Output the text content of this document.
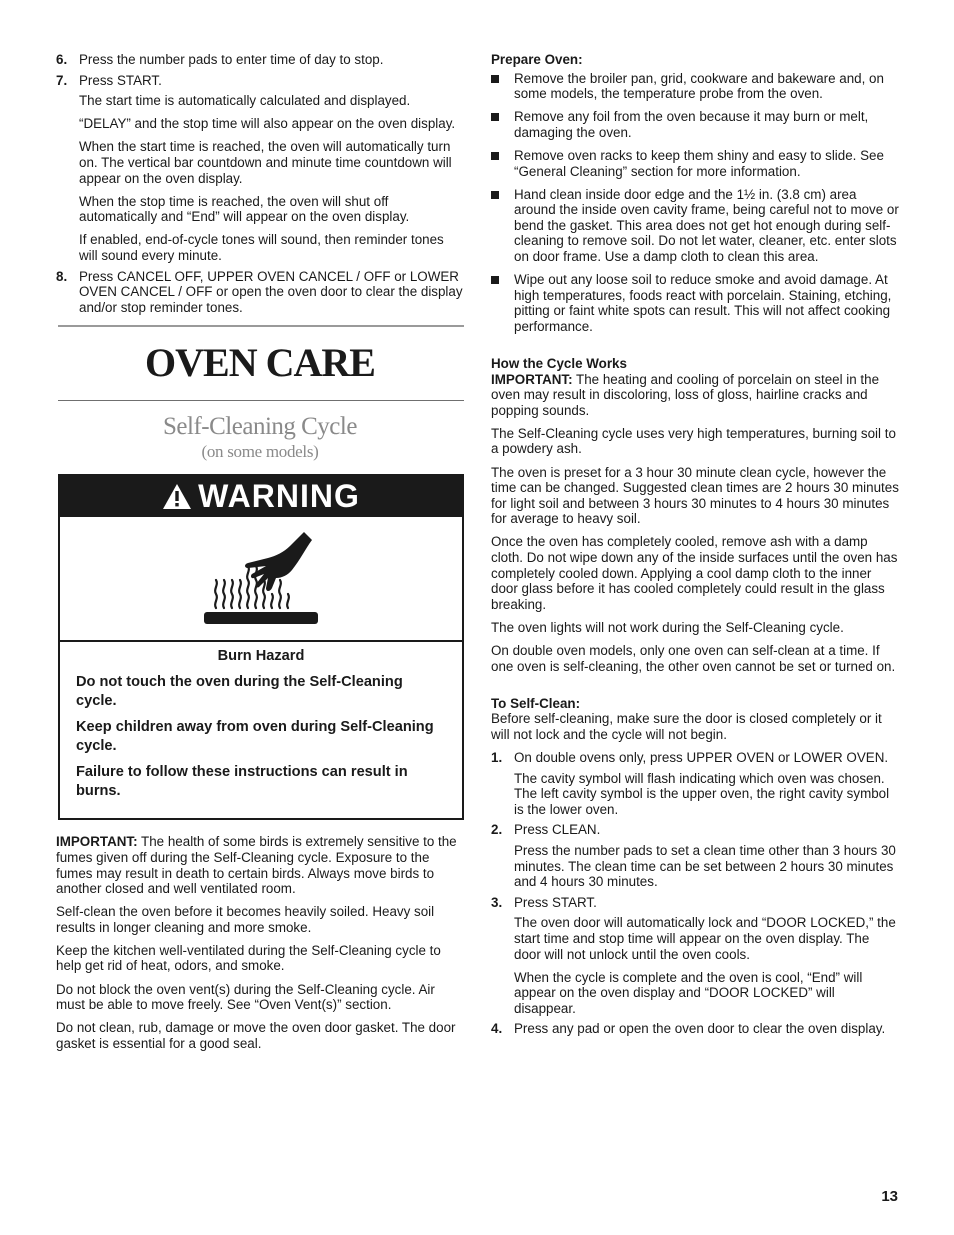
6. Press the number pads to enter time of day to stop.
7. Press START.

The start time is automatically calculated and displayed.

“DELAY” and the stop time will also appear on the oven display.

When the start time is reached, the oven will automatically turn on. The vertical bar countdown and minute time countdown will appear on the oven display.

When the stop time is reached, the oven will shut off automatically and “End” will appear on the oven display.

If enabled, end-of-cycle tones will sound, then reminder tones will sound every minute.

8. Press CANCEL OFF, UPPER OVEN CANCEL / OFF or LOWER OVEN CANCEL / OFF or open the oven door to clear the display and/or stop reminder tones.
OVEN CARE
Self-Cleaning Cycle
(on some models)
WARNING
Burn Hazard

Do not touch the oven during the Self-Cleaning cycle.

Keep children away from oven during Self-Cleaning cycle.

Failure to follow these instructions can result in burns.

IMPORTANT: The health of some birds is extremely sensitive to the fumes given off during the Self-Cleaning cycle. Exposure to the fumes may result in death to certain birds. Always move birds to another closed and well ventilated room.

Self-clean the oven before it becomes heavily soiled. Heavy soil results in longer cleaning and more smoke.

Keep the kitchen well-ventilated during the Self-Cleaning cycle to help get rid of heat, odors, and smoke.

Do not block the oven vent(s) during the Self-Cleaning cycle. Air must be able to move freely. See “Oven Vent(s)” section.

Do not clean, rub, damage or move the oven door gasket. The door gasket is essential for a good seal.

Prepare Oven:

Remove the broiler pan, grid, cookware and bakeware and, on some models, the temperature probe from the oven.
Remove any foil from the oven because it may burn or melt, damaging the oven.
Remove oven racks to keep them shiny and easy to slide. See “General Cleaning” section for more information.
Hand clean inside door edge and the 1½ in. (3.8 cm) area around the inside oven cavity frame, being careful not to move or bend the gasket. This area does not get hot enough during self-cleaning to remove soil. Do not let water, cleaner, etc. enter slots on door frame. Use a damp cloth to clean this area.
Wipe out any loose soil to reduce smoke and avoid damage. At high temperatures, foods react with porcelain. Staining, etching, pitting or faint white spots can result. This will not affect cooking performance.

How the Cycle Works

IMPORTANT: The heating and cooling of porcelain on steel in the oven may result in discoloring, loss of gloss, hairline cracks and popping sounds.

The Self-Cleaning cycle uses very high temperatures, burning soil to a powdery ash.

The oven is preset for a 3 hour 30 minute clean cycle, however the time can be changed. Suggested clean times are 2 hours 30 minutes for light soil and between 3 hours 30 minutes to 4 hours 30 minutes for average to heavy soil.

Once the oven has completely cooled, remove ash with a damp cloth. Do not wipe down any of the inside surfaces until the oven has completely cooled down. Applying a cool damp cloth to the inner door glass before it has cooled completely could result in the glass breaking.

The oven lights will not work during the Self-Cleaning cycle.

On double oven models, only one oven can self-clean at a time. If one oven is self-cleaning, the other oven cannot be set or turned on.

To Self-Clean:

Before self-cleaning, make sure the door is closed completely or it will not lock and the cycle will not begin.

1. On double ovens only, press UPPER OVEN or LOWER OVEN.

The cavity symbol will flash indicating which oven was chosen. The left cavity symbol is the upper oven, the right cavity symbol is the lower oven.

2. Press CLEAN.

Press the number pads to set a clean time other than 3 hours 30 minutes. The clean time can be set between 2 hours 30 minutes and 4 hours 30 minutes.

3. Press START.

The oven door will automatically lock and “DOOR LOCKED,” the start time and stop time will appear on the oven display. The door will not unlock until the oven cools.

When the cycle is complete and the oven is cool, “End” will appear on the oven display and “DOOR LOCKED” will disappear.

4. Press any pad or open the oven door to clear the oven display.
13
